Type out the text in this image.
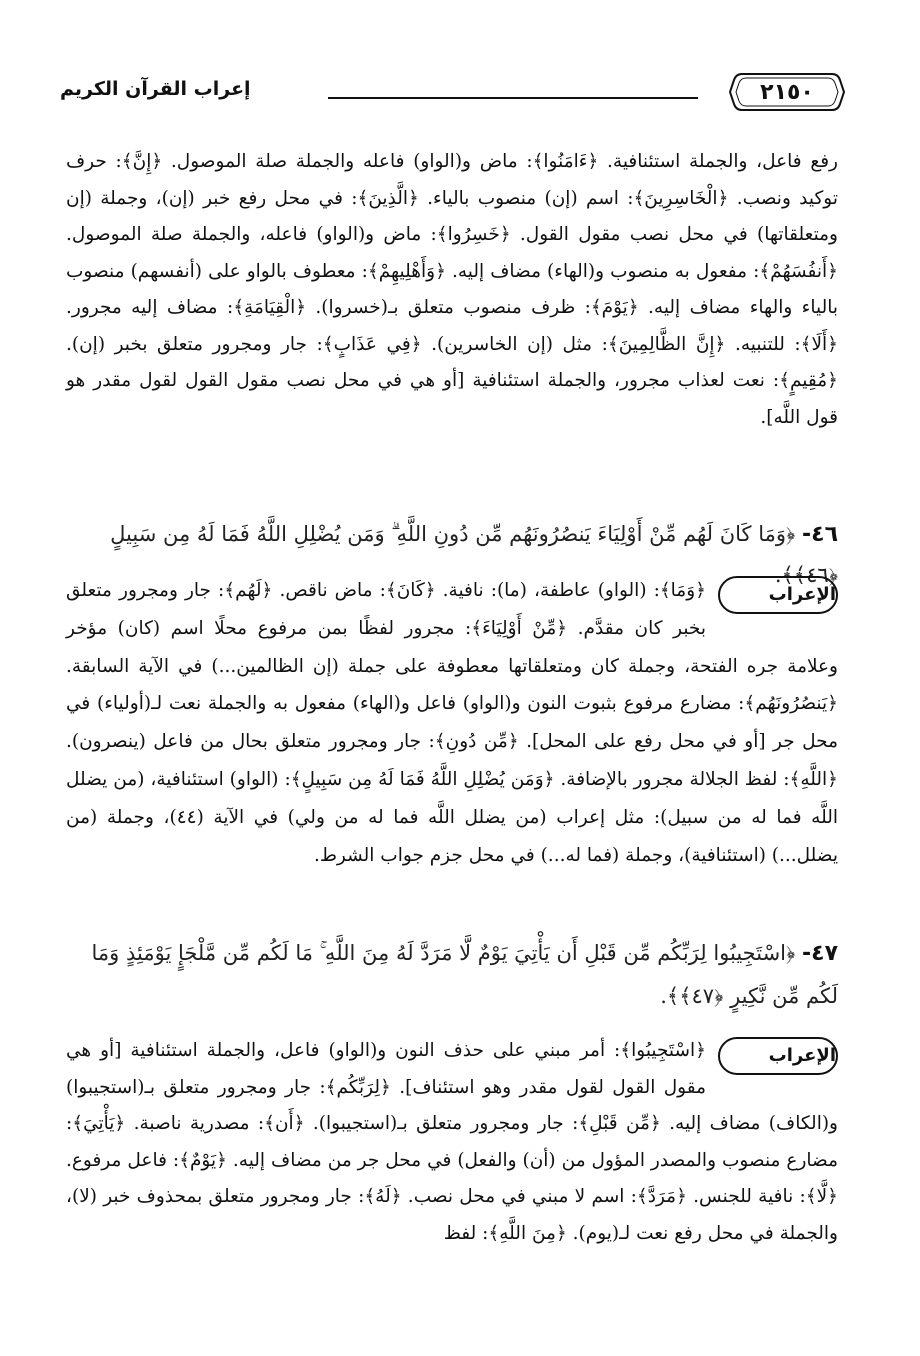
٢١٥٠
إعراب القرآن الكريم
رفع فاعل، والجملة استئنافية. ﴿ءَامَنُوا﴾: ماض و(الواو) فاعله والجملة صلة الموصول. ﴿إِنَّ﴾: حرف توكيد ونصب. ﴿الْخَاسِرِينَ﴾: اسم (إن) منصوب بالياء. ﴿الَّذِينَ﴾: في محل رفع خبر (إن)، وجملة (إن ومتعلقاتها) في محل نصب مقول القول. ﴿خَسِرُوا﴾: ماض و(الواو) فاعله، والجملة صلة الموصول. ﴿أَنفُسَهُمْ﴾: مفعول به منصوب و(الهاء) مضاف إليه. ﴿وَأَهْلِيهِمْ﴾: معطوف بالواو على (أنفسهم) منصوب بالياء والهاء مضاف إليه. ﴿يَوْمَ﴾: ظرف منصوب متعلق بـ(خسروا). ﴿الْقِيَامَةِ﴾: مضاف إليه مجرور. ﴿أَلَا﴾: للتنبيه. ﴿إِنَّ الظَّالِمِينَ﴾: مثل (إن الخاسرين). ﴿فِي عَذَابٍ﴾: جار ومجرور متعلق بخبر (إن). ﴿مُقِيمٍ﴾: نعت لعذاب مجرور، والجملة استئنافية [أو هي في محل نصب مقول القول لقول مقدر هو قول اللَّه].
٤٦- ﴿وَمَا كَانَ لَهُم مِّنْ أَوْلِيَاءَ يَنصُرُونَهُم مِّن دُونِ اللَّهِ ۗ وَمَن يُضْلِلِ اللَّهُ فَمَا لَهُ مِن سَبِيلٍ ﴿٤٦﴾﴾.
الإعراب
﴿وَمَا﴾: (الواو) عاطفة، (ما): نافية. ﴿كَانَ﴾: ماض ناقص. ﴿لَهُم﴾: جار ومجرور متعلق بخبر كان مقدَّم. ﴿مِّنْ أَوْلِيَاءَ﴾: مجرور لفظًا بمن مرفوع محلًا اسم (كان) مؤخر وعلامة جره الفتحة، وجملة كان ومتعلقاتها معطوفة على جملة (إن الظالمين...) في الآية السابقة. ﴿يَنصُرُونَهُم﴾: مضارع مرفوع بثبوت النون و(الواو) فاعل و(الهاء) مفعول به والجملة نعت لـ(أولياء) في محل جر [أو في محل رفع على المحل]. ﴿مِّن دُونِ﴾: جار ومجرور متعلق بحال من فاعل (ينصرون). ﴿اللَّهِ﴾: لفظ الجلالة مجرور بالإضافة. ﴿وَمَن يُضْلِلِ اللَّهُ فَمَا لَهُ مِن سَبِيلٍ﴾: (الواو) استئنافية، (من يضلل اللَّه فما له من سبيل): مثل إعراب (من يضلل اللَّه فما له من ولي) في الآية (٤٤)، وجملة (من يضلل...) (استئنافية)، وجملة (فما له...) في محل جزم جواب الشرط.
٤٧- ﴿اسْتَجِيبُوا لِرَبِّكُم مِّن قَبْلِ أَن يَأْتِيَ يَوْمٌ لَّا مَرَدَّ لَهُ مِنَ اللَّهِ ۚ مَا لَكُم مِّن مَّلْجَإٍ يَوْمَئِذٍ وَمَا لَكُم مِّن نَّكِيرٍ ﴿٤٧﴾﴾.
الإعراب
﴿اسْتَجِيبُوا﴾: أمر مبني على حذف النون و(الواو) فاعل، والجملة استئنافية [أو هي مقول القول لقول مقدر وهو استئناف]. ﴿لِرَبِّكُم﴾: جار ومجرور متعلق بـ(استجيبوا) و(الكاف) مضاف إليه. ﴿مِّن قَبْلِ﴾: جار ومجرور متعلق بـ(استجيبوا). ﴿أَن﴾: مصدرية ناصبة. ﴿يَأْتِيَ﴾: مضارع منصوب والمصدر المؤول من (أن) والفعل) في محل جر من مضاف إليه. ﴿يَوْمٌ﴾: فاعل مرفوع. ﴿لَّا﴾: نافية للجنس. ﴿مَرَدَّ﴾: اسم لا مبني في محل نصب. ﴿لَهُ﴾: جار ومجرور متعلق بمحذوف خبر (لا)، والجملة في محل رفع نعت لـ(يوم). ﴿مِنَ اللَّهِ﴾: لفظ
